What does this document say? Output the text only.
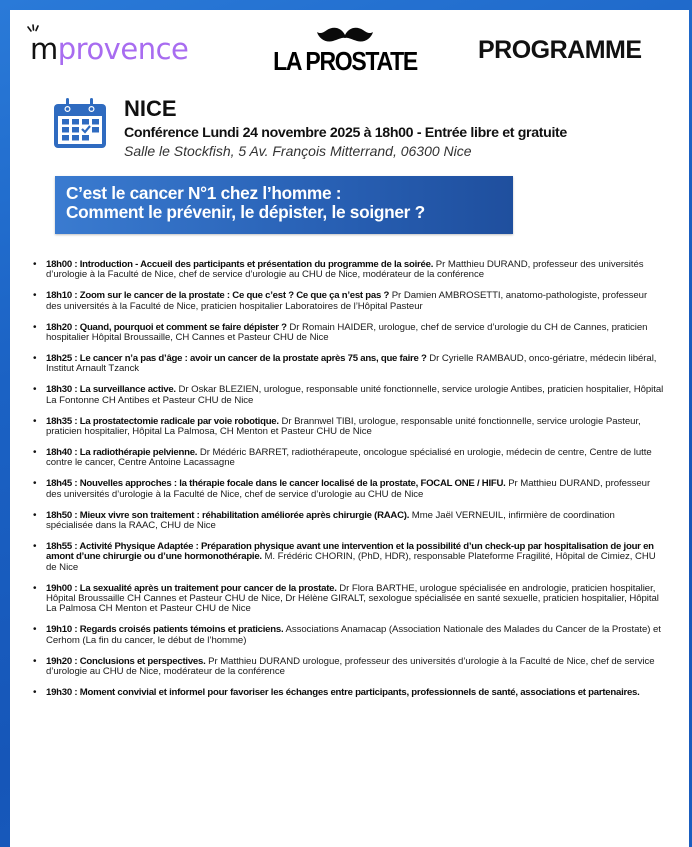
mprovence	LA PROSTATE	PROGRAMME
NICE
Conférence Lundi 24 novembre 2025 à 18h00 - Entrée libre et gratuite
Salle le Stockfish, 5 Av. François Mitterrand, 06300 Nice
C’est le cancer N°1 chez l’homme :
Comment le prévenir, le dépister, le soigner ?
• 18h00 : Introduction - Accueil des participants et présentation du programme de la soirée. Pr Matthieu DURAND, professeur des universités d’urologie à la Faculté de Nice, chef de service d’urologie au CHU de Nice, modérateur de la conférence
• 18h10 : Zoom sur le cancer de la prostate : Ce que c’est ? Ce que ça n’est pas ? Pr Damien AMBROSETTI, anatomo-pathologiste, professeur des universités à la Faculté de Nice, praticien hospitalier Laboratoires de l’Hôpital Pasteur
• 18h20 : Quand, pourquoi et comment se faire dépister ? Dr Romain HAIDER, urologue, chef de service d’urologie du CH de Cannes, praticien hospitalier Hôpital Broussaille, CH Cannes et Pasteur CHU de Nice
• 18h25 : Le cancer n’a pas d’âge : avoir un cancer de la prostate après 75 ans, que faire ? Dr Cyrielle RAMBAUD, onco-gériatre, médecin libéral, Institut Arnault Tzanck
• 18h30 : La surveillance active. Dr Oskar BLEZIEN, urologue, responsable unité fonctionnelle, service urologie Antibes, praticien hospitalier, Hôpital La Fontonne CH Antibes et Pasteur CHU de Nice
• 18h35 : La prostatectomie radicale par voie robotique. Dr Brannwel TIBI, urologue, responsable unité fonctionnelle, service urologie Pasteur, praticien hospitalier, Hôpital La Palmosa, CH Menton et Pasteur CHU de Nice
• 18h40 : La radiothérapie pelvienne. Dr Médéric BARRET, radiothérapeute, oncologue spécialisé en urologie, médecin de centre, Centre de lutte contre le cancer, Centre Antoine Lacassagne
• 18h45 : Nouvelles approches : la thérapie focale dans le cancer localisé de la prostate, FOCAL ONE / HIFU. Pr Matthieu DURAND, professeur des universités d’urologie à la Faculté de Nice, chef de service d’urologie au CHU de Nice
• 18h50 : Mieux vivre son traitement : réhabilitation améliorée après chirurgie (RAAC). Mme Jaël VERNEUIL, infirmière de coordination spécialisée dans la RAAC, CHU de Nice
• 18h55 : Activité Physique Adaptée : Préparation physique avant une intervention et la possibilité d’un check-up par hospitalisation de jour en amont d’une chirurgie ou d’une hormonothérapie. M. Frédéric CHORIN, (PhD, HDR), responsable Plateforme Fragilité, Hôpital de Cimiez, CHU de Nice
• 19h00 : La sexualité après un traitement pour cancer de la prostate. Dr Flora BARTHE, urologue spécialisée en andrologie, praticien hospitalier, Hôpital Broussaille CH Cannes et Pasteur CHU de Nice, Dr Hélène GIRALT, sexologue spécialisée en santé sexuelle, praticien hospitalier, Hôpital La Palmosa CH Menton et Pasteur CHU de Nice
• 19h10 : Regards croisés patients témoins et praticiens. Associations Anamacap (Association Nationale des Malades du Cancer de la Prostate) et Cerhom (La fin du cancer, le début de l’homme)
• 19h20 : Conclusions et perspectives. Pr Matthieu DURAND urologue, professeur des universités d’urologie à la Faculté de Nice, chef de service d’urologie au CHU de Nice, modérateur de la conférence
• 19h30 : Moment convivial et informel pour favoriser les échanges entre participants, professionnels de santé, associations et partenaires.
